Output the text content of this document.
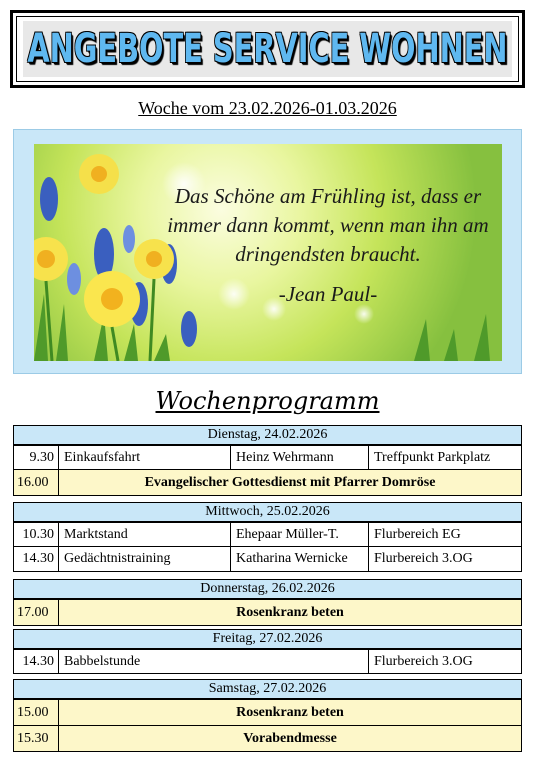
ANGEBOTE SERVICE WOHNEN
Woche vom 23.02.2026-01.03.2026
Das Schöne am Frühling ist, dass er
immer dann kommt, wenn man ihn am
dringendsten braucht.
-Jean Paul-
Wochenprogramm
Dienstag, 24.02.2026
9.30 Einkaufsfahrt	Heinz Wehrmann	Treffpunkt Parkplatz
16.00	Evangelischer Gottesdienst mit Pfarrer Domröse
Mittwoch, 25.02.2026
10.30 Marktstand	Ehepaar Müller-T.	Flurbereich EG
14.30 Gedächtnistraining	Katharina Wernicke	Flurbereich 3.OG
Donnerstag, 26.02.2026
17.00	Rosenkranz beten
Freitag, 27.02.2026
14.30 Babbelstunde	Flurbereich 3.OG
Samstag, 27.02.2026
15.00	Rosenkranz beten
15.30	Vorabendmesse
